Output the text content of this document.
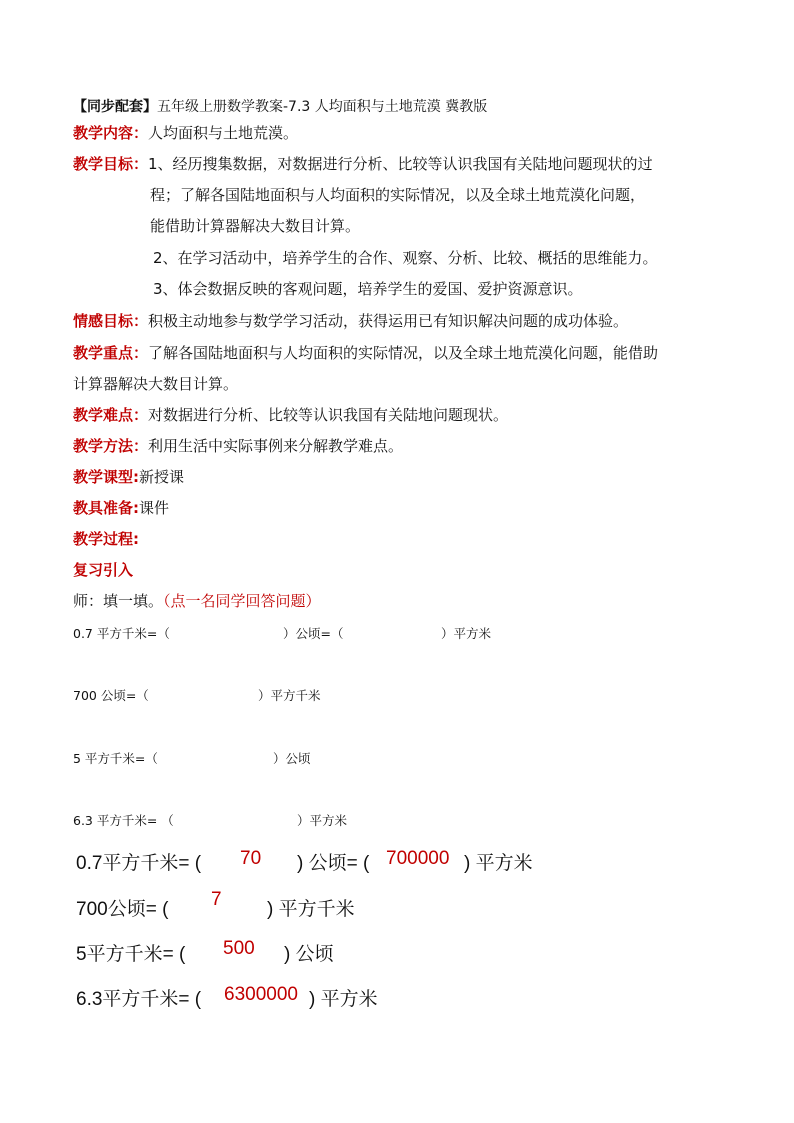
【同步配套】五年级上册数学教案-7.3 人均面积与土地荒漠 冀教版
教学内容：人均面积与土地荒漠。
教学目标：1、经历搜集数据，对数据进行分析、比较等认识我国有关陆地问题现状的过
程；了解各国陆地面积与人均面积的实际情况，以及全球土地荒漠化问题，
能借助计算器解决大数目计算。
2、在学习活动中，培养学生的合作、观察、分析、比较、概括的思维能力。
3、体会数据反映的客观问题，培养学生的爱国、爱护资源意识。
情感目标：积极主动地参与数学学习活动，获得运用已有知识解决问题的成功体验。
教学重点：了解各国陆地面积与人均面积的实际情况，以及全球土地荒漠化问题，能借助
计算器解决大数目计算。
教学难点：对数据进行分析、比较等认识我国有关陆地问题现状。
教学方法：利用生活中实际事例来分解教学难点。
教学课型:新授课
教具准备:课件
教学过程:
复习引入
师：填一填。（点一名同学回答问题）
0.7 平方千米=（	）公顷=（	）平方米
700 公顷=（	）平方千米
5 平方千米=（	）公顷
6.3 平方千米= （	）平方米
0.7平方千米= ( 70 ) 公顷= ( 700000 ) 平方米
700公顷= ( 7 ) 平方千米
5平方千米= ( 500 ) 公顷
6.3平方千米= ( 6300000 ) 平方米
